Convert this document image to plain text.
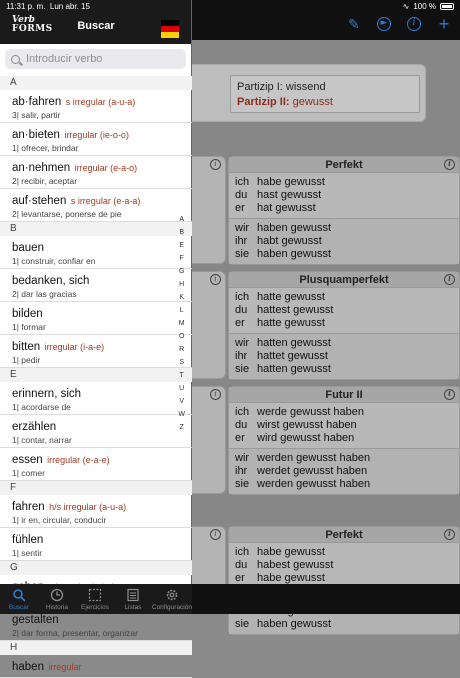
11:31 p. m. Lun abr. 15	∿ 100 %
✎	►	i	+
Partizip I: wissend
Partizip II: gewusst
i	Perfekt	i
ich habe gewusst
du hast gewusst
er	hat gewusst
wir haben gewusst
ihr habt gewusst
sie haben gewusst
i	Plusquamperfekt	i
ich hatte gewusst
du hattest gewusst
er	hatte gewusst
wir hatten gewusst
ihr hattet gewusst
sie hatten gewusst
i	Futur II	i
ich werde gewusst haben
du wirst gewusst haben
er	wird gewusst haben
wir werden gewusst haben
ihr werdet gewusst haben
sie werden gewusst haben
i	Perfekt	i
ich habe gewusst
du habest gewusst
er	habe gewusst
sie haben gewusst
Verb
FORMS	Buscar
Introducir verbo
A
ab·fahren s irregular (a-u-a)
3| salir, partir
an·bieten irregular (ie-o-o)
1| ofrecer, brindar
an·nehmen irregular (e-a-o)
2| recibir, aceptar
auf·stehen s irregular (e-a-a)
2| levantarse, ponerse de pie
B
bauen
1| construir, confiar en
bedanken, sich
2| dar las gracias
bilden
1| formar
bitten irregular (i-a-e)
1| pedir
E
erinnern, sich
1| acordarse de
erzählen
1| contar, narrar
essen irregular (e-a-e)
1| comer
F
fahren h/s irregular (a-u-a)
1| ir en, circular, conducir
fühlen
1| sentir
G
gestalten
2| dar forma, presentar, organizar
H
haben irregular
A
B
E
F
G
H
K
L
M
O
R
S
T
U
V
W
Z
Buscar	Historia Ejercicios Listas Configuración
